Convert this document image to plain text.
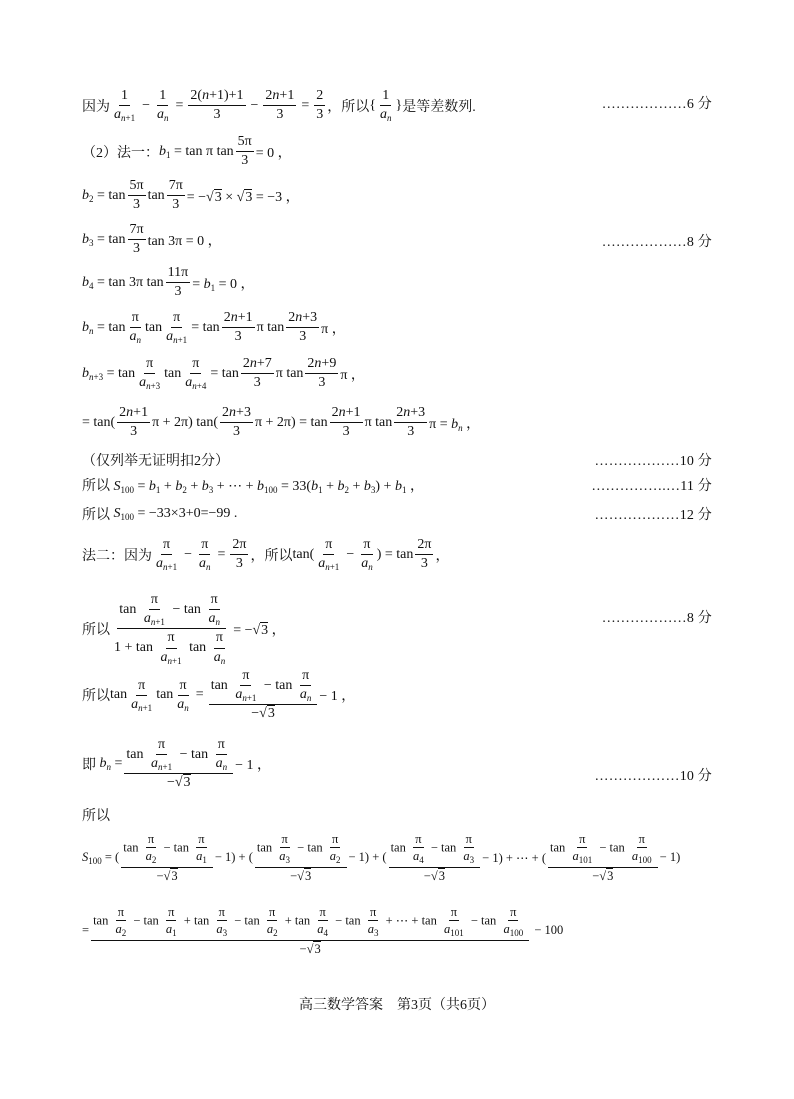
因为 $\frac{1}{a_{n+1}} - \frac{1}{a_n} = \frac{2(n+1)+1}{3} - \frac{2n+1}{3} = \frac{2}{3}$ ，所以 { $\frac{1}{a_n}$ } 是等差数列.	………………6 分
（2）法一： $b_1 = \tan \pi$ $\tan \frac{5\pi}{3} = 0$ ，
$b_2 = \tan \frac{5\pi}{3}$ $\tan \frac{7\pi}{3} = -√3 \times √3 = -3$ ，
$b_3 = \tan \frac{7\pi}{3}$ tan 3π = 0 ，	………………8 分
$b_4 = \tan 3\pi$ $\tan \frac{11\pi}{3} = b_1 = 0$ ，
$b_n = \tan \frac{\pi}{a_n}$ $\tan \frac{\pi}{a_{n+1}} = \tan \frac{2n+1}{3}$ π $\tan \frac{2n+3}{3}$ π ，
$b_{n+3} = \tan \frac{\pi}{a_{n+3}}$ $\tan \frac{\pi}{a_{n+4}} = \tan \frac{2n+7}{3}$ π $\tan \frac{2n+9}{3}$ π ，
= $\tan( \frac{2n+1}{3}$ π + 2π) $\tan( \frac{2n+3}{3}$ $\pi + 2\pi) = \tan \frac{2n+1}{3}$ π $\tan \frac{2n+3}{3}$ $\pi = b_n$ ，
（仅列举无证明扣2分）	………………10 分
所以 $S_{100} = b_1 + b_2 + b_3$ + ⋯ + $b_{100} = 33(b_1 + b_2 + b_3) + b_1$ ，	…………….…11 分
所以 $S_{100} = -33\times 3+0=-99$ .	………………12 分
法二：因为 $\frac{\pi}{a_{n+1}} - \frac{\pi}{a_n} = \frac{2\pi}{3}$ ，所以 $\tan( \frac{\pi}{a_{n+1}} - \frac{\pi}{a_n}$ ) = $\tan \frac{2\pi}{3}$ ，
所以 $\frac{\tan \frac{\pi}{a_{n+1}} - \tan \frac{\pi}{a_n}}{1 + \tan \frac{\pi}{a_{n+1}} \tan \frac{\pi}{a_n}} = -√3$ ，
………………8 分
所以 $\tan \frac{\pi}{a_{n+1}}$ $\tan \frac{\pi}{a_n} = \frac{\tan \frac{\pi}{a_{n+1}} - \tan \frac{\pi}{a_n}}{-√3} - 1$ ，
即 $b_n = \frac{\tan \frac{\pi}{a_{n+1}} - \tan \frac{\pi}{a_n}}{-√3} - 1$ ，
………………10 分
所以
$S_{100}$ = ( $\frac{\tan \frac{\pi}{a_2} - \tan \frac{\pi}{a_1}}{-√3} - 1$) + ( $\frac{\tan \frac{\pi}{a_3} - \tan \frac{\pi}{a_2}}{-√3} - 1$) + ( $\frac{\tan \frac{\pi}{a_4} - \tan \frac{\pi}{a_3}}{-√3} - 1$) + ⋯ + ( $\frac{\tan \frac{\pi}{a_{101}} - \tan \frac{\pi}{a_{100}}}{-√3} - 1$)
=
$\tan \frac{\pi}{a_2} - \tan \frac{\pi}{a_1} + \tan \frac{\pi}{a_3} - \tan \frac{\pi}{a_2} + \tan \frac{\pi}{a_4} - \tan \frac{\pi}{a_3}$ + ⋯ + $\tan \frac{\pi}{a_{101}} - \tan \frac{\pi}{a_{100}}$
−√3

− 100
高三数学答案　第3页（共6页）
